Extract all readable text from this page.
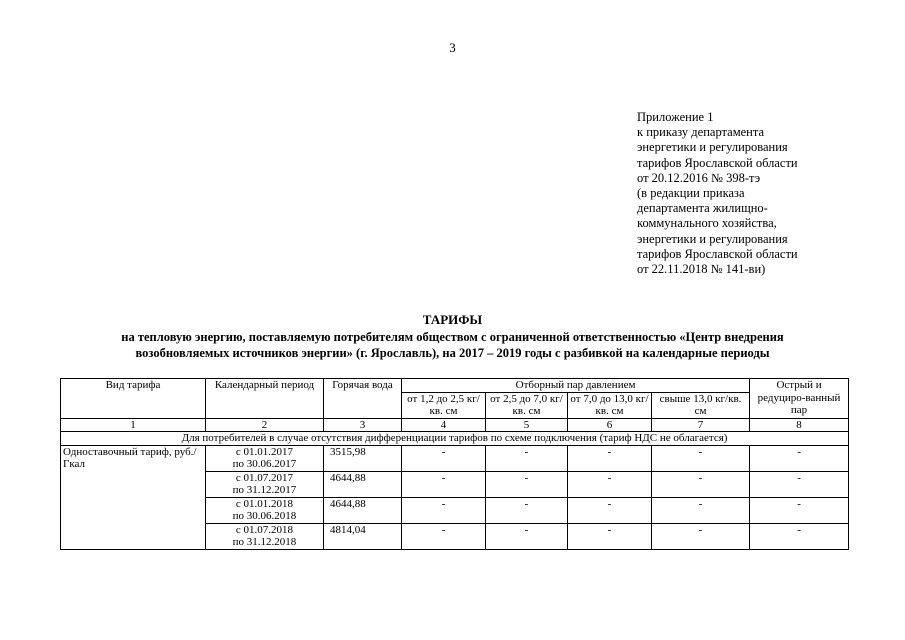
3
Приложение 1
к приказу департамента
энергетики и регулирования
тарифов Ярославской области
от 20.12.2016 № 398-тэ
(в редакции приказа
департамента жилищно-
коммунального хозяйства,
энергетики и регулирования
тарифов Ярославской области
от 22.11.2018 № 141-ви)
ТАРИФЫ
на тепловую энергию, поставляемую потребителям обществом с ограниченной ответственностью «Центр внедрения
возобновляемых источников энергии» (г. Ярославль), на 2017 – 2019 годы с разбивкой на календарные периоды
Вид тарифа	Календарный период	Горячая вода	Отборный пар давлением				Острый и редуциро-ванный пар
			от 1,2 до 2,5 кг/кв. см	от 2,5 до 7,0 кг/кв. см	от 7,0 до 13,0 кг/кв. см	свыше 13,0 кг/кв. см	
1	2	3	4	5	6	7	8
Для потребителей в случае отсутствия дифференциации тарифов по схеме подключения (тариф НДС не облагается)							
Одноставочный тариф, руб./Гкал	с 01.01.2017
по 30.06.2017	3515,98	-	-	-	-	-

	с 01.07.2017
по 31.12.2017	4644,88	-	-	-	-	-

	с 01.01.2018
по 30.06.2018	4644,88	-	-	-	-	-

	с 01.07.2018
по 31.12.2018	4814,04	-	-	-	-	-
